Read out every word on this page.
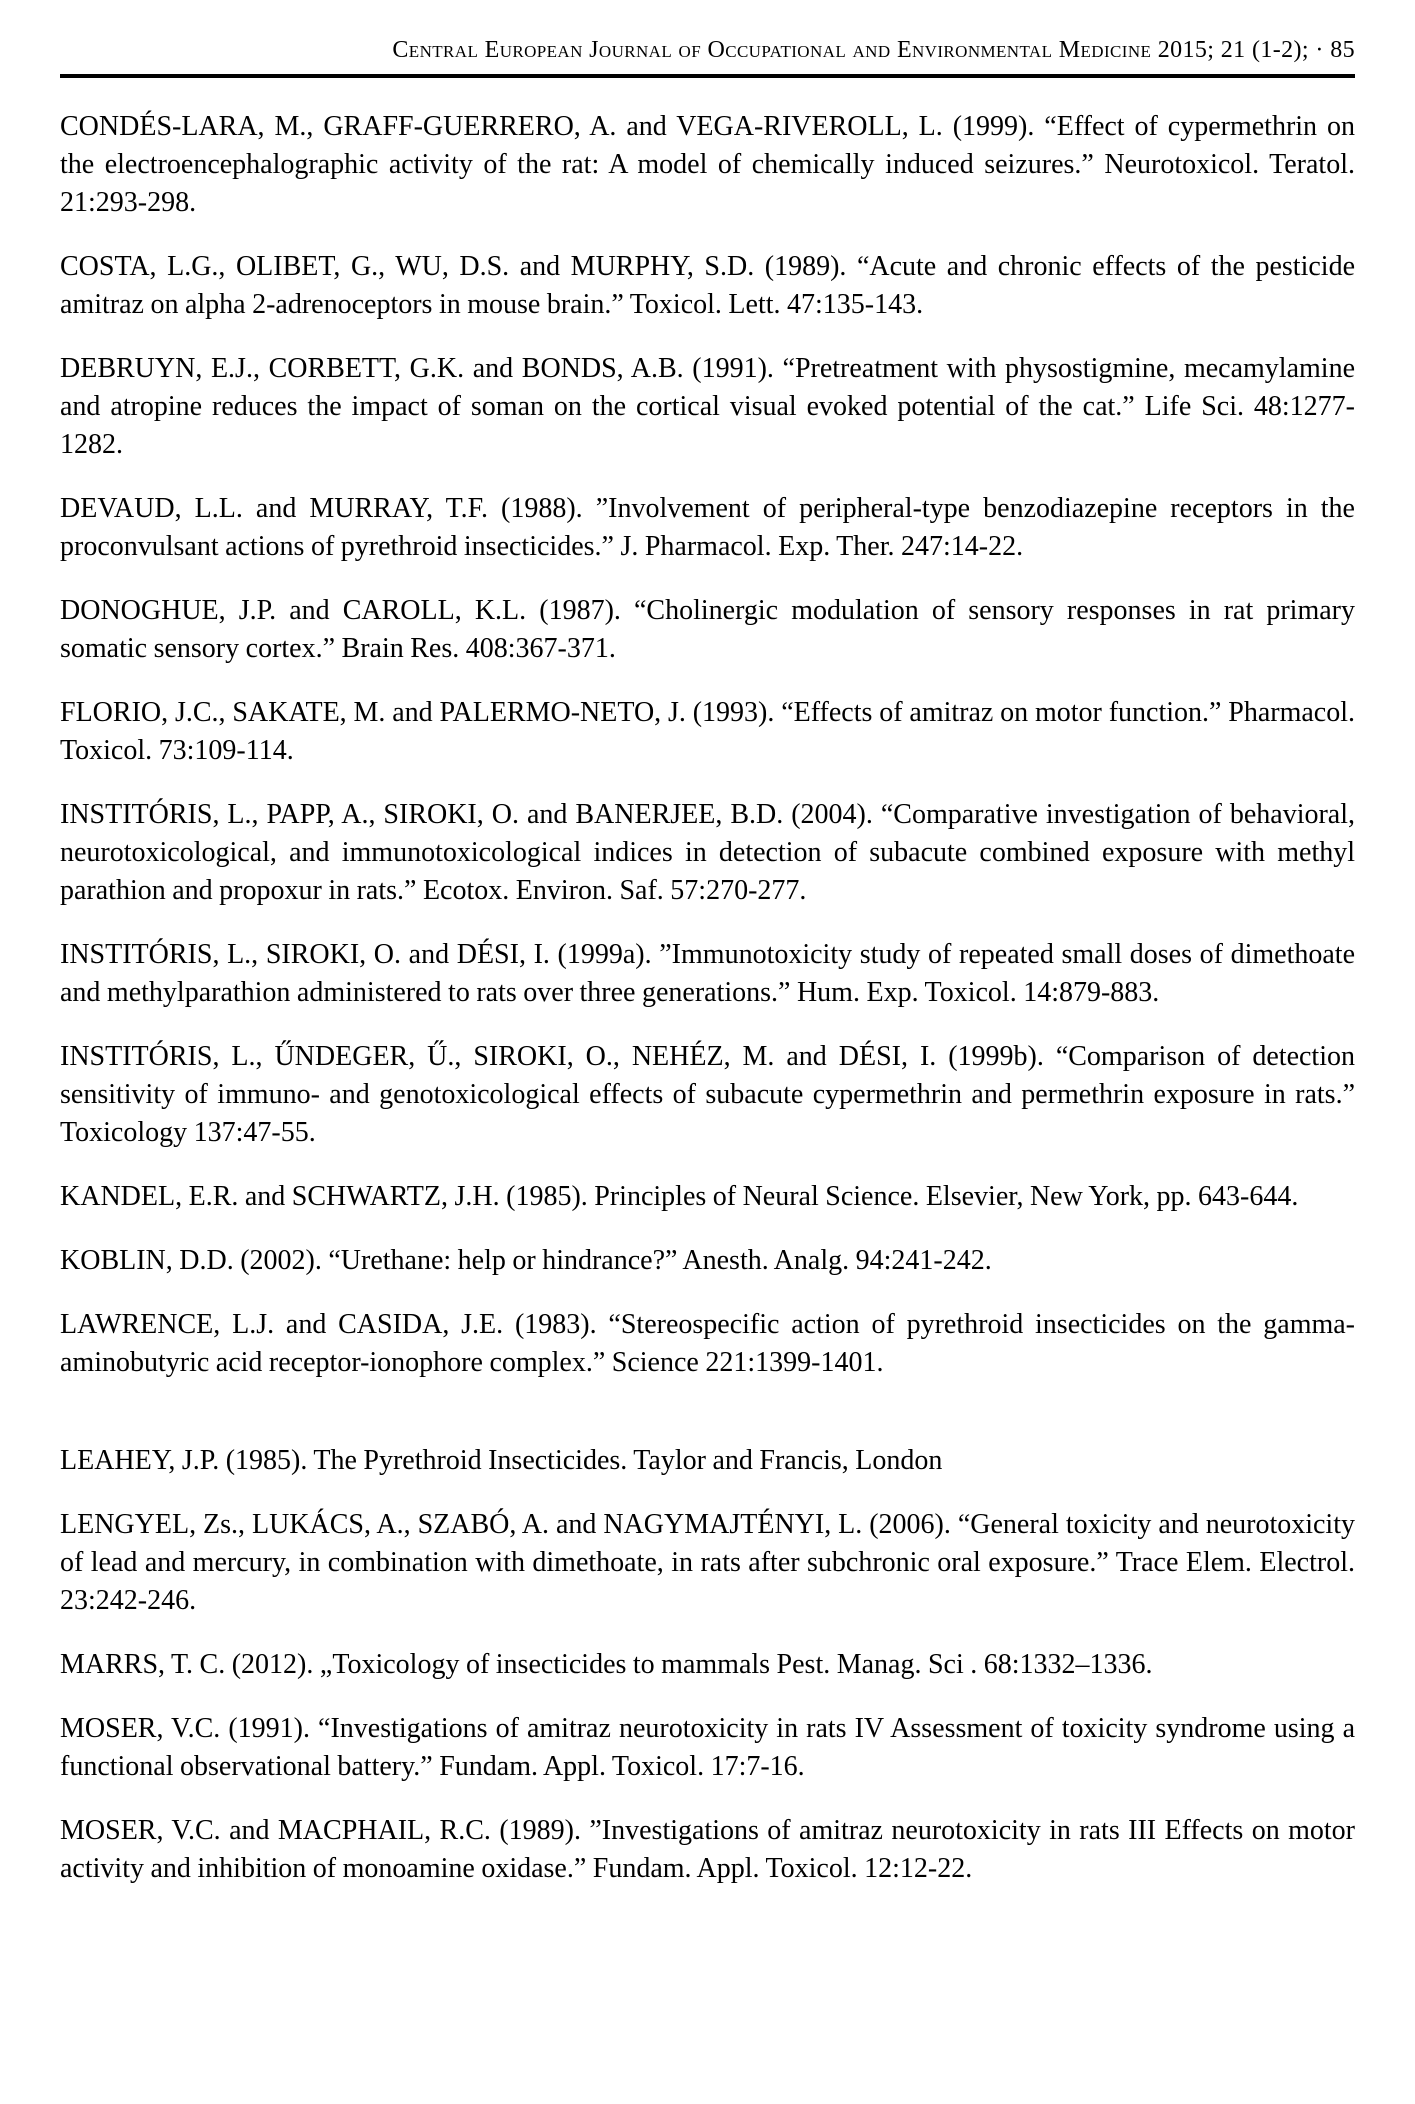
Central European Journal of Occupational and Environmental Medicine 2015; 21 (1-2); · 85

CONDÉS-LARA, M., GRAFF-GUERRERO, A. and VEGA-RIVEROLL, L. (1999). “Effect of cypermethrin on the electroencephalographic activity of the rat: A model of chemically induced seizures.” Neurotoxicol. Teratol. 21:293-298.

COSTA, L.G., OLIBET, G., WU, D.S. and MURPHY, S.D. (1989). “Acute and chronic effects of the pesticide amitraz on alpha 2-adrenoceptors in mouse brain.” Toxicol. Lett. 47:135-143.

DEBRUYN, E.J., CORBETT, G.K. and BONDS, A.B. (1991). “Pretreatment with physostigmine, mecamylamine and atropine reduces the impact of soman on the cortical visual evoked potential of the cat.” Life Sci. 48:1277-1282.

DEVAUD, L.L. and MURRAY, T.F. (1988). ”Involvement of peripheral-type benzodiazepine receptors in the proconvulsant actions of pyrethroid insecticides.” J. Pharmacol. Exp. Ther. 247:14-22.

DONOGHUE, J.P. and CAROLL, K.L. (1987). “Cholinergic modulation of sensory responses in rat primary somatic sensory cortex.” Brain Res. 408:367-371.

FLORIO, J.C., SAKATE, M. and PALERMO-NETO, J. (1993). “Effects of amitraz on motor function.” Pharmacol. Toxicol. 73:109-114.

INSTITÓRIS, L., PAPP, A., SIROKI, O. and BANERJEE, B.D. (2004). “Comparative investigation of behavioral, neurotoxicological, and immunotoxicological indices in detection of subacute combined exposure with methyl parathion and propoxur in rats.” Ecotox. Environ. Saf. 57:270-277.

INSTITÓRIS, L., SIROKI, O. and DÉSI, I. (1999a). ”Immunotoxicity study of repeated small doses of dimethoate and methylparathion administered to rats over three generations.” Hum. Exp. Toxicol. 14:879-883.

INSTITÓRIS, L., ŰNDEGER, Ű., SIROKI, O., NEHÉZ, M. and DÉSI, I. (1999b). “Comparison of detection sensitivity of immuno- and genotoxicological effects of subacute cypermethrin and permethrin exposure in rats.” Toxicology 137:47-55.

KANDEL, E.R. and SCHWARTZ, J.H. (1985). Principles of Neural Science. Elsevier, New York, pp. 643-644.

KOBLIN, D.D. (2002). “Urethane: help or hindrance?” Anesth. Analg. 94:241-242.

LAWRENCE, L.J. and CASIDA, J.E. (1983). “Stereospecific action of pyrethroid insecticides on the gamma-aminobutyric acid receptor-ionophore complex.” Science 221:1399-1401.

LEAHEY, J.P. (1985). The Pyrethroid Insecticides. Taylor and Francis, London

LENGYEL, Zs., LUKÁCS, A., SZABÓ, A. and NAGYMAJTÉNYI, L. (2006). “General toxicity and neurotoxicity of lead and mercury, in combination with dimethoate, in rats after subchronic oral exposure.” Trace Elem. Electrol. 23:242-246.

MARRS, T. C. (2012). „Toxicology of insecticides to mammals Pest. Manag. Sci . 68:1332–1336.

MOSER, V.C. (1991). “Investigations of amitraz neurotoxicity in rats IV Assessment of toxicity syndrome using a functional observational battery.” Fundam. Appl. Toxicol. 17:7-16.

MOSER, V.C. and MACPHAIL, R.C. (1989). ”Investigations of amitraz neurotoxicity in rats III Effects on motor activity and inhibition of monoamine oxidase.” Fundam. Appl. Toxicol. 12:12-22.
